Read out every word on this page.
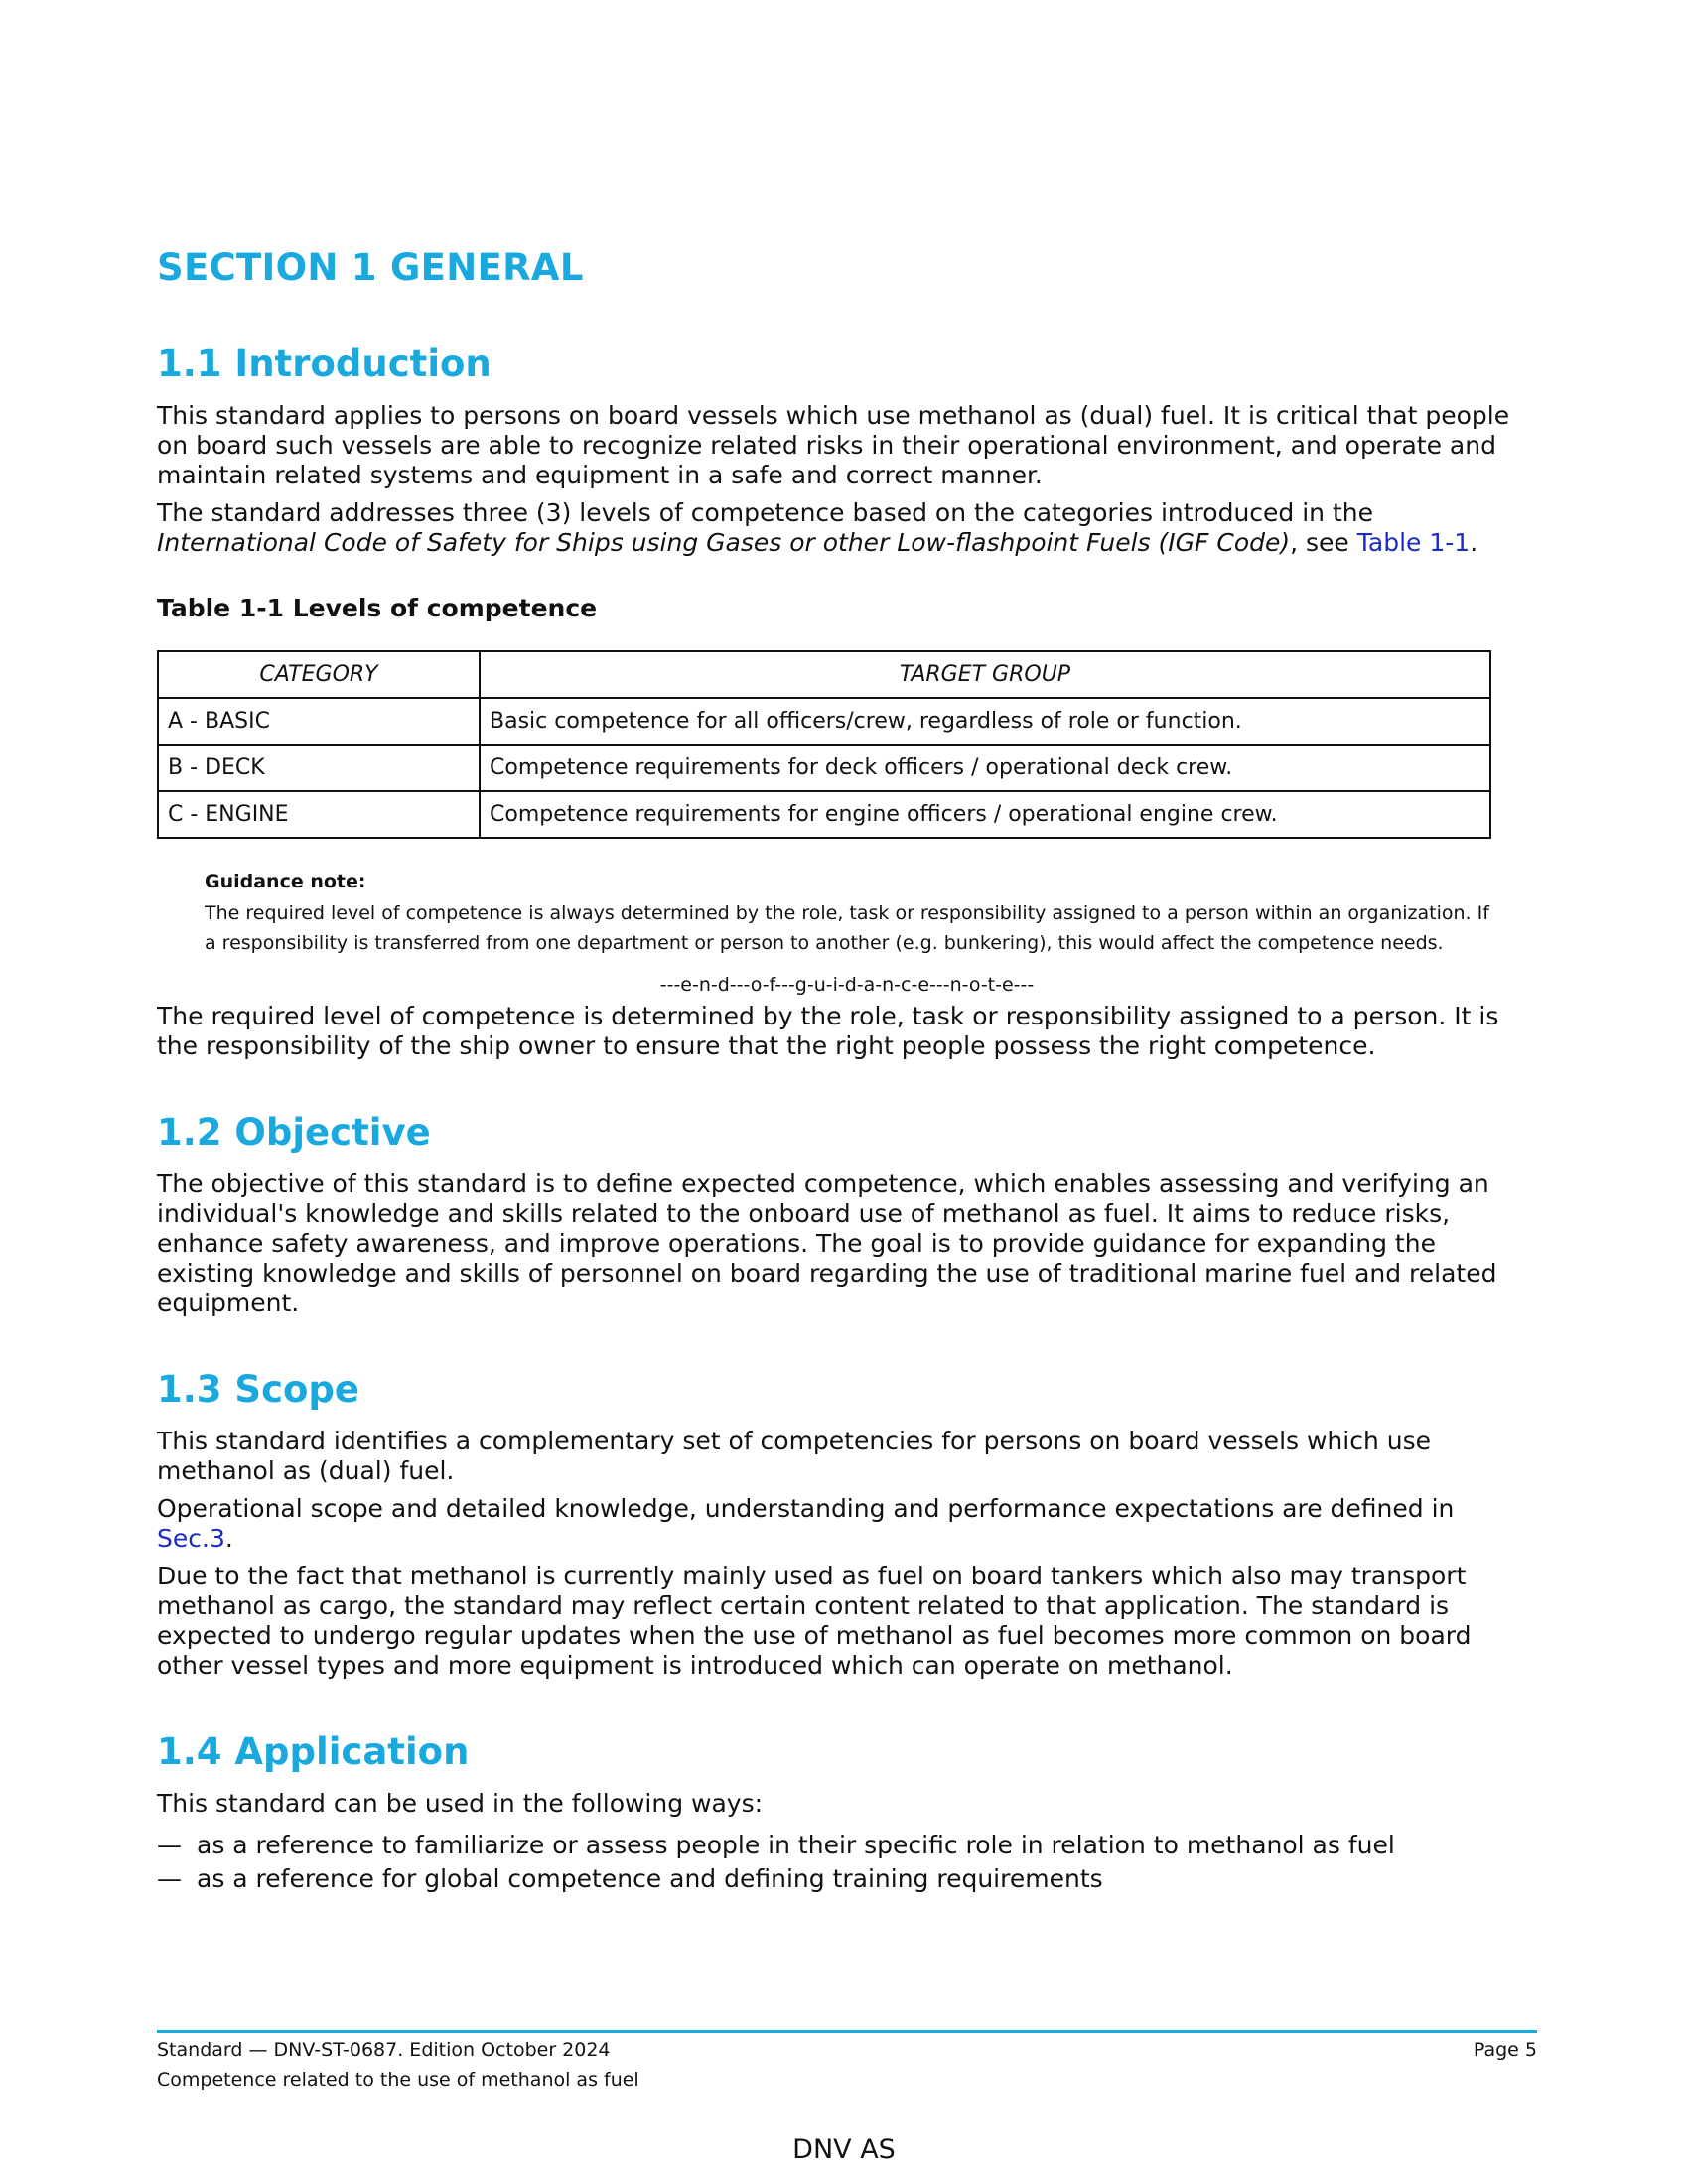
SECTION 1 GENERAL
1.1 Introduction

This standard applies to persons on board vessels which use methanol as (dual) fuel. It is critical that people on board such vessels are able to recognize related risks in their operational environment, and operate and maintain related systems and equipment in a safe and correct manner.

The standard addresses three (3) levels of competence based on the categories introduced in the International Code of Safety for Ships using Gases or other Low-flashpoint Fuels (IGF Code), see Table 1-1.

Table 1-1 Levels of competence
CATEGORY	TARGET GROUP
A - BASIC	Basic competence for all officers/crew, regardless of role or function.
B - DECK	Competence requirements for deck officers / operational deck crew.
C - ENGINE	Competence requirements for engine officers / operational engine crew.
Guidance note:
The required level of competence is always determined by the role, task or responsibility assigned to a person within an organization. If a responsibility is transferred from one department or person to another (e.g. bunkering), this would affect the competence needs.
---e-n-d---o-f---g-u-i-d-a-n-c-e---n-o-t-e---

The required level of competence is determined by the role, task or responsibility assigned to a person. It is the responsibility of the ship owner to ensure that the right people possess the right competence.

1.2 Objective

The objective of this standard is to define expected competence, which enables assessing and verifying an individual's knowledge and skills related to the onboard use of methanol as fuel. It aims to reduce risks, enhance safety awareness, and improve operations. The goal is to provide guidance for expanding the existing knowledge and skills of personnel on board regarding the use of traditional marine fuel and related equipment.

1.3 Scope

This standard identifies a complementary set of competencies for persons on board vessels which use methanol as (dual) fuel.

Operational scope and detailed knowledge, understanding and performance expectations are defined in Sec.3.

Due to the fact that methanol is currently mainly used as fuel on board tankers which also may transport methanol as cargo, the standard may reflect certain content related to that application. The standard is expected to undergo regular updates when the use of methanol as fuel becomes more common on board other vessel types and more equipment is introduced which can operate on methanol.

1.4 Application

This standard can be used in the following ways:

— as a reference to familiarize or assess people in their specific role in relation to methanol as fuel
— as a reference for global competence and defining training requirements
Standard — DNV-ST-0687. Edition October 2024	Page 5
Competence related to the use of methanol as fuel
DNV AS
